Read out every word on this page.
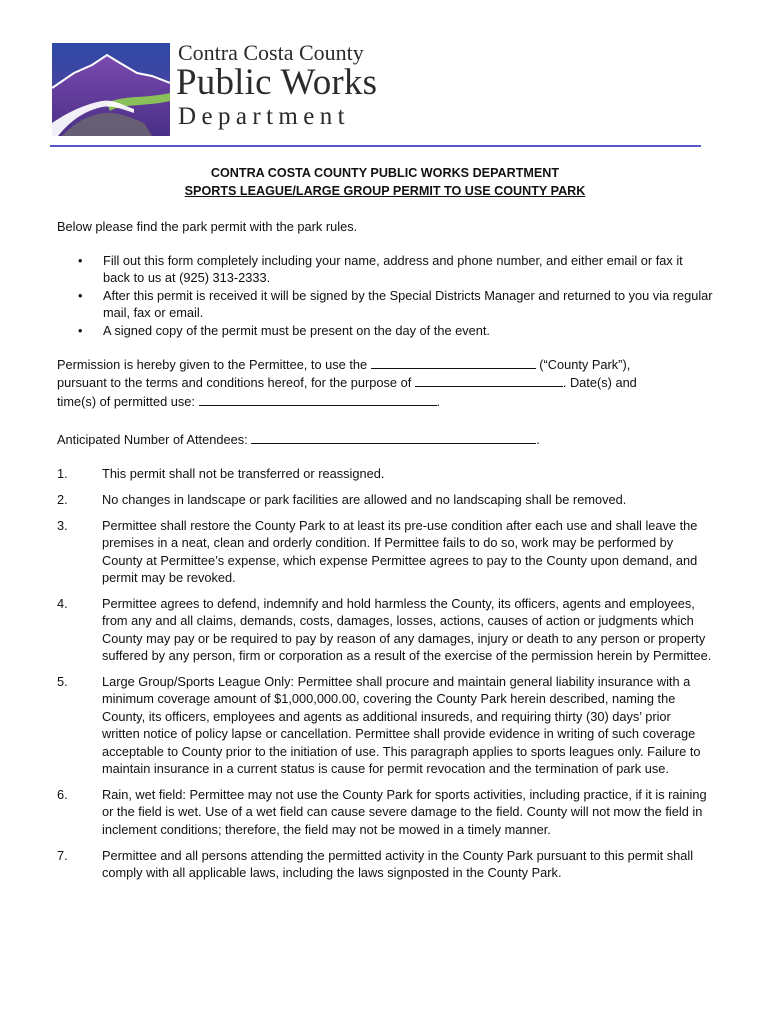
Contra Costa County
Public Works
Department
CONTRA COSTA COUNTY PUBLIC WORKS DEPARTMENT
SPORTS LEAGUE/LARGE GROUP PERMIT TO USE COUNTY PARK
Below please find the park permit with the park rules.
• Fill out this form completely including your name, address and phone number, and either email or fax it back to us at (925) 313-2333.
• After this permit is received it will be signed by the Special Districts Manager and returned to you via regular mail, fax or email.
• A signed copy of the permit must be present on the day of the event.
Permission is hereby given to the Permittee, to use the	(“County Park”),
pursuant to the terms and conditions hereof, for the purpose of	. Date(s) and
time(s) of permitted use:	.
Anticipated Number of Attendees:	.
1.	This permit shall not be transferred or reassigned.
2.	No changes in landscape or park facilities are allowed and no landscaping shall be removed.
3.	Permittee shall restore the County Park to at least its pre-use condition after each use and shall leave the premises in a neat, clean and orderly condition. If Permittee fails to do so, work may be performed by County at Permittee’s expense, which expense Permittee agrees to pay to the County upon demand, and permit may be revoked.
4.	Permittee agrees to defend, indemnify and hold harmless the County, its officers, agents and employees, from any and all claims, demands, costs, damages, losses, actions, causes of action or judgments which County may pay or be required to pay by reason of any damages, injury or death to any person or property suffered by any person, firm or corporation as a result of the exercise of the permission herein by Permittee.
5.	Large Group/Sports League Only: Permittee shall procure and maintain general liability insurance with a minimum coverage amount of $1,000,000.00, covering the County Park herein described, naming the County, its officers, employees and agents as additional insureds, and requiring thirty (30) days’ prior written notice of policy lapse or cancellation. Permittee shall provide evidence in writing of such coverage acceptable to County prior to the initiation of use. This paragraph applies to sports leagues only. Failure to maintain insurance in a current status is cause for permit revocation and the termination of park use.
6.	Rain, wet field: Permittee may not use the County Park for sports activities, including practice, if it is raining or the field is wet. Use of a wet field can cause severe damage to the field. County will not mow the field in inclement conditions; therefore, the field may not be mowed in a timely manner.
7.	Permittee and all persons attending the permitted activity in the County Park pursuant to this permit shall comply with all applicable laws, including the laws signposted in the County Park.
